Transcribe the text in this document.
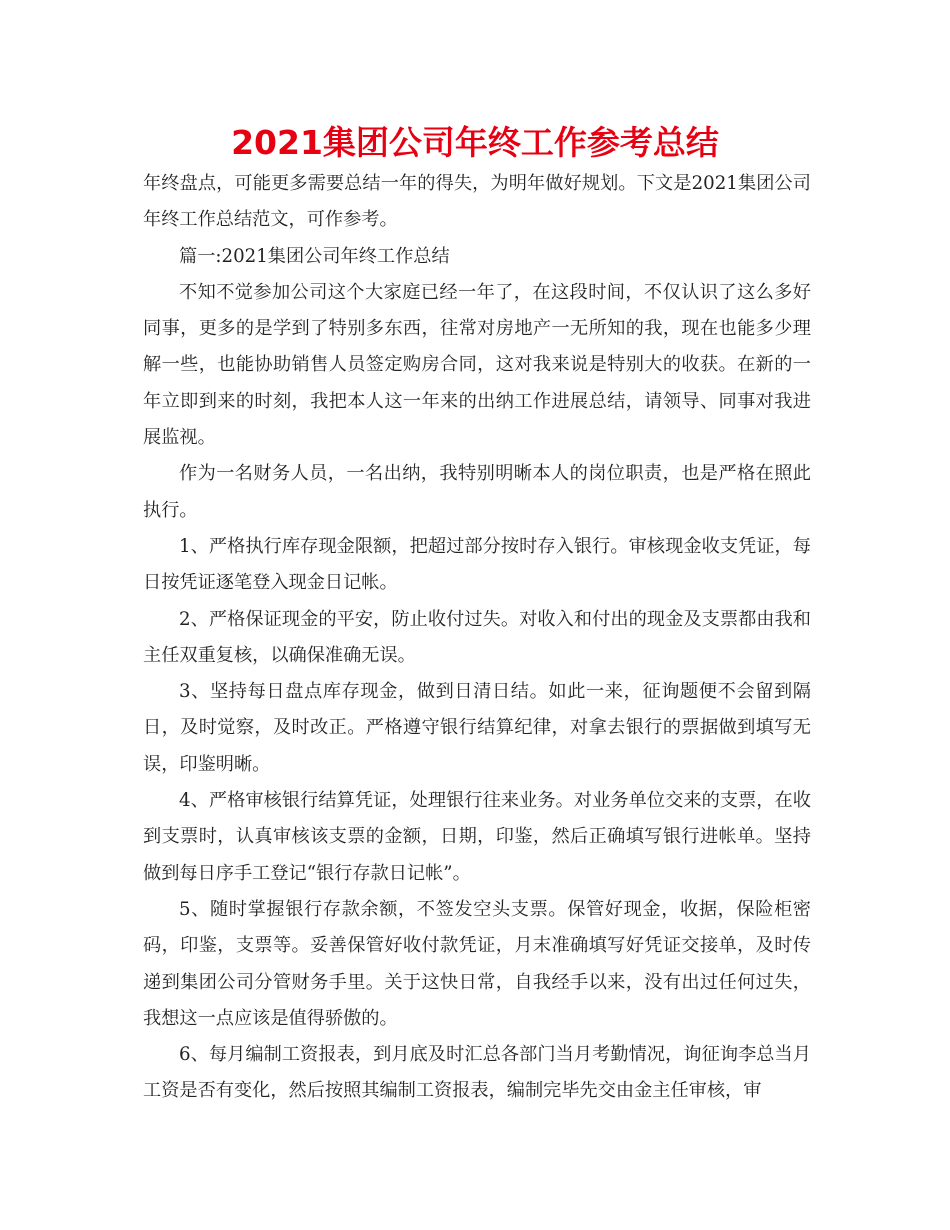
2021集团公司年终工作参考总结

年终盘点，可能更多需要总结一年的得失，为明年做好规划。下文是2021集团公司年终工作总结范文，可作参考。

篇一:2021集团公司年终工作总结

不知不觉参加公司这个大家庭已经一年了，在这段时间，不仅认识了这么多好同事，更多的是学到了特别多东西，往常对房地产一无所知的我，现在也能多少理解一些，也能协助销售人员签定购房合同，这对我来说是特别大的收获。在新的一年立即到来的时刻，我把本人这一年来的出纳工作进展总结，请领导、同事对我进展监视。

作为一名财务人员，一名出纳，我特别明晰本人的岗位职责，也是严格在照此执行。

1、严格执行库存现金限额，把超过部分按时存入银行。审核现金收支凭证，每日按凭证逐笔登入现金日记帐。

2、严格保证现金的平安，防止收付过失。对收入和付出的现金及支票都由我和主任双重复核，以确保准确无误。

3、坚持每日盘点库存现金，做到日清日结。如此一来，征询题便不会留到隔日，及时觉察，及时改正。严格遵守银行结算纪律，对拿去银行的票据做到填写无误，印鉴明晰。

4、严格审核银行结算凭证，处理银行往来业务。对业务单位交来的支票，在收到支票时，认真审核该支票的金额，日期，印鉴，然后正确填写银行进帐单。坚持做到每日序手工登记“银行存款日记帐”。

5、随时掌握银行存款余额，不签发空头支票。保管好现金，收据，保险柜密码，印鉴，支票等。妥善保管好收付款凭证，月末准确填写好凭证交接单，及时传递到集团公司分管财务手里。关于这快日常，自我经手以来，没有出过任何过失，我想这一点应该是值得骄傲的。

6、每月编制工资报表，到月底及时汇总各部门当月考勤情况，询征询李总当月工资是否有变化，然后按照其编制工资报表，编制完毕先交由金主任审核，审
